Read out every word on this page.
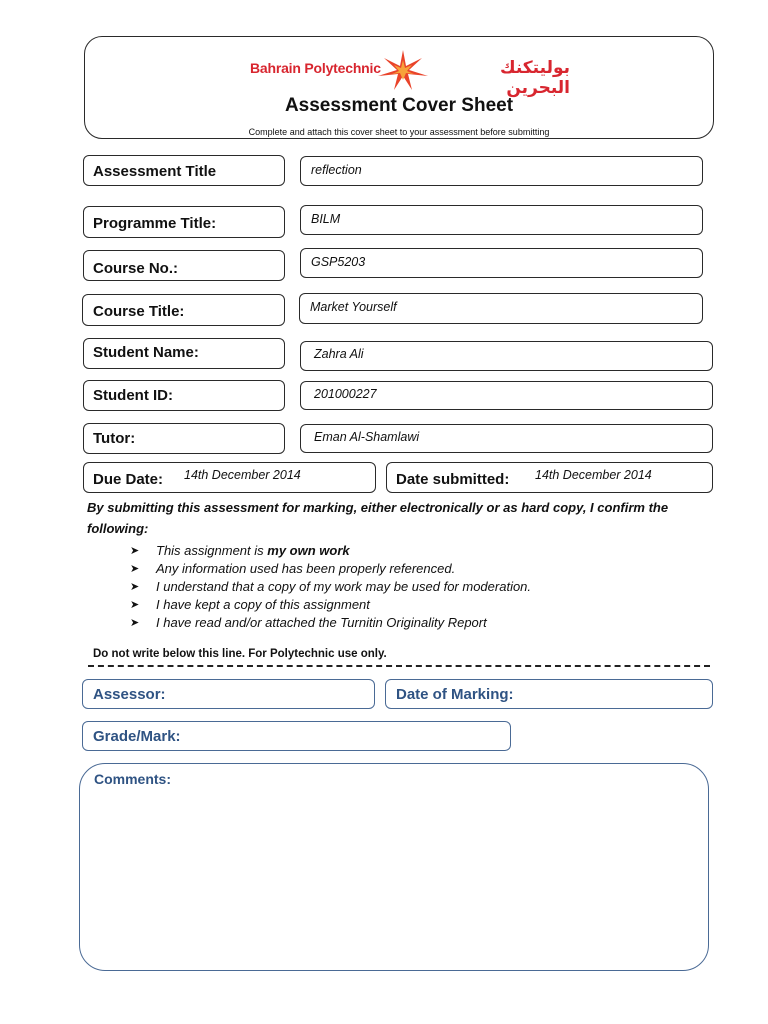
Bahrain Polytechnic	بوليتكنك البحرين
Assessment Cover Sheet
Complete and attach this cover sheet to your assessment before submitting
Assessment Title	reflection
Programme Title:	BILM
Course No.:	GSP5203
Course Title:	Market Yourself
Student Name:	Zahra Ali
Student ID:	201000227
Tutor:	Eman Al-Shamlawi
Due Date: 14th December 2014	Date submitted: 14th December 2014
By submitting this assessment for marking, either electronically or as hard copy, I confirm the following:
➤ This assignment is my own work
➤ Any information used has been properly referenced.
➤ I understand that a copy of my work may be used for moderation.
➤ I have kept a copy of this assignment
➤ I have read and/or attached the Turnitin Originality Report
Do not write below this line. For Polytechnic use only.
Assessor:	Date of Marking:
Grade/Mark:
Comments:
